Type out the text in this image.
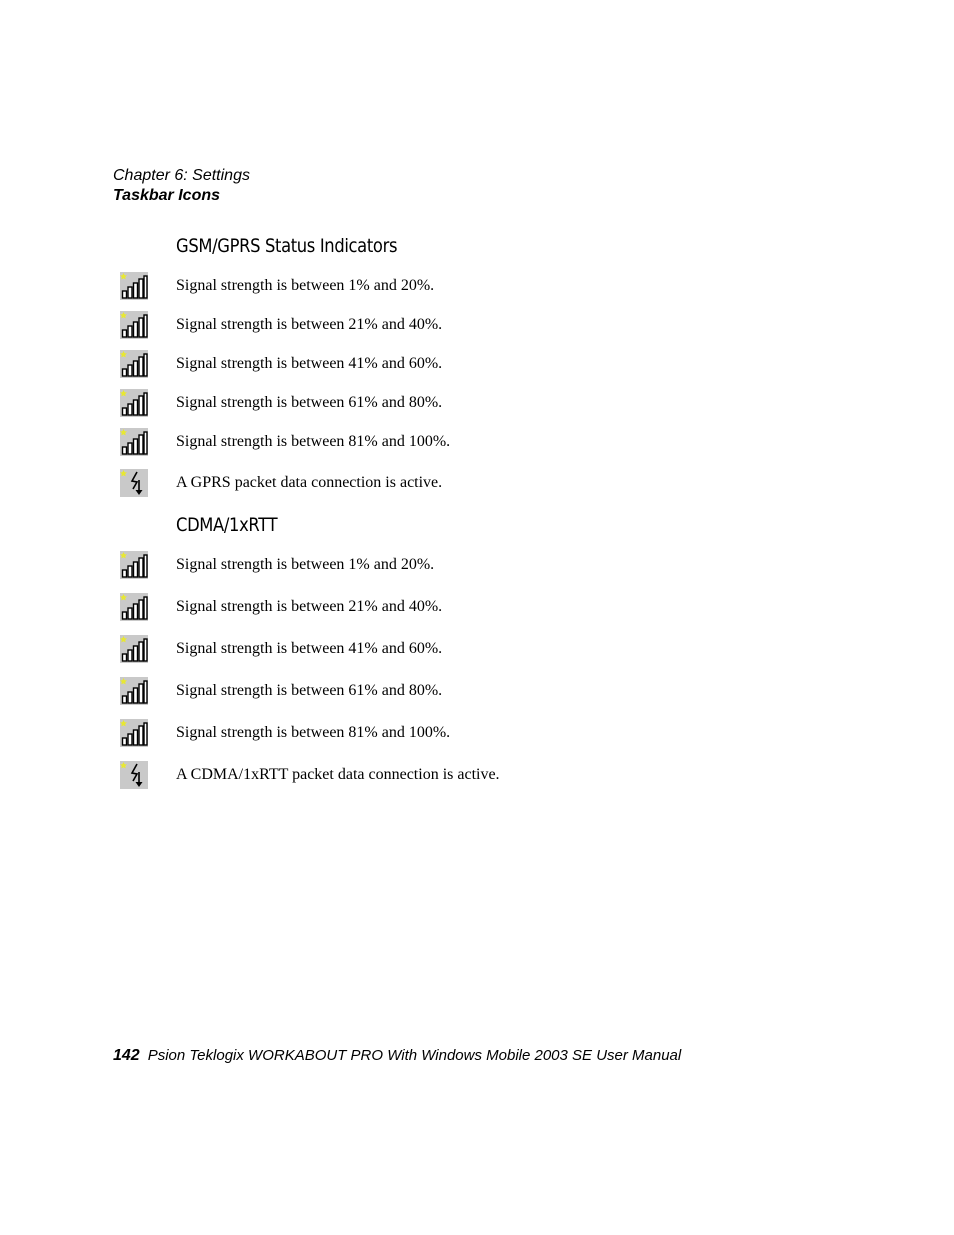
Chapter 6: Settings

Taskbar Icons

GSM/GPRS Status Indicators
Signal strength is between 1% and 20%.
Signal strength is between 21% and 40%.
Signal strength is between 41% and 60%.
Signal strength is between 61% and 80%.
Signal strength is between 81% and 100%.
A GPRS packet data connection is active.
CDMA/1xRTT
Signal strength is between 1% and 20%.
Signal strength is between 21% and 40%.
Signal strength is between 41% and 60%.
Signal strength is between 61% and 80%.
Signal strength is between 81% and 100%.
A CDMA/1xRTT packet data connection is active.
142 Psion Teklogix WORKABOUT PRO With Windows Mobile 2003 SE User Manual
